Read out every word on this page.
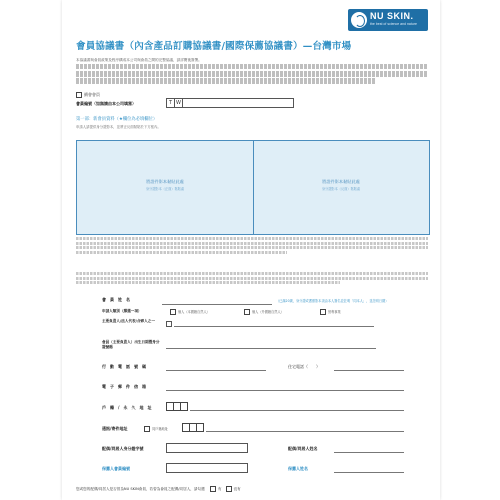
會員協議書（內含產品訂購協議書/國際保薦協議書）—台灣市場
NU SKIN.
the best of science and nature
本協議書與會員政策及程序構成本公司與會員之間的完整協議，請詳閱後簽署。
續會會員
會員編號（如無請由本公司填寫）	T W
第一部：新會員資料（★欄位為必填欄位）
申請人請提供身分證影本，並將正反面黏貼於下方框內。
將證件影本黏貼此處
身分證影本（正面）黏貼處
將證件影本黏貼此處
身分證影本（反面）黏貼處
會　員　姓　名	（已滿20歲，身分證或護照影本須由本人簽名並註明「同本人」，並註明日期）
申請人類別（擇選一項）	個人（本國籍自然人）	個人（外國籍自然人）	營利事業
主要負責人/法人代表/合夥人之一
會員（主要負責人）出生日期暨身分證號碼
行　動　電　話　號　碼	住宅電話（　　）
電　子　郵　件　信　箱
戶　籍　/　永　久　地　址
通訊/寄件地址	同戶籍地址
配偶/同居人身分證字號	配偶/同居人姓名
保薦人會員編號	保薦人姓名
您或您的配偶/同居人是否曾為NU SKIN會員，若曾為會員之配偶/同居人，請勾選	有	沒有
